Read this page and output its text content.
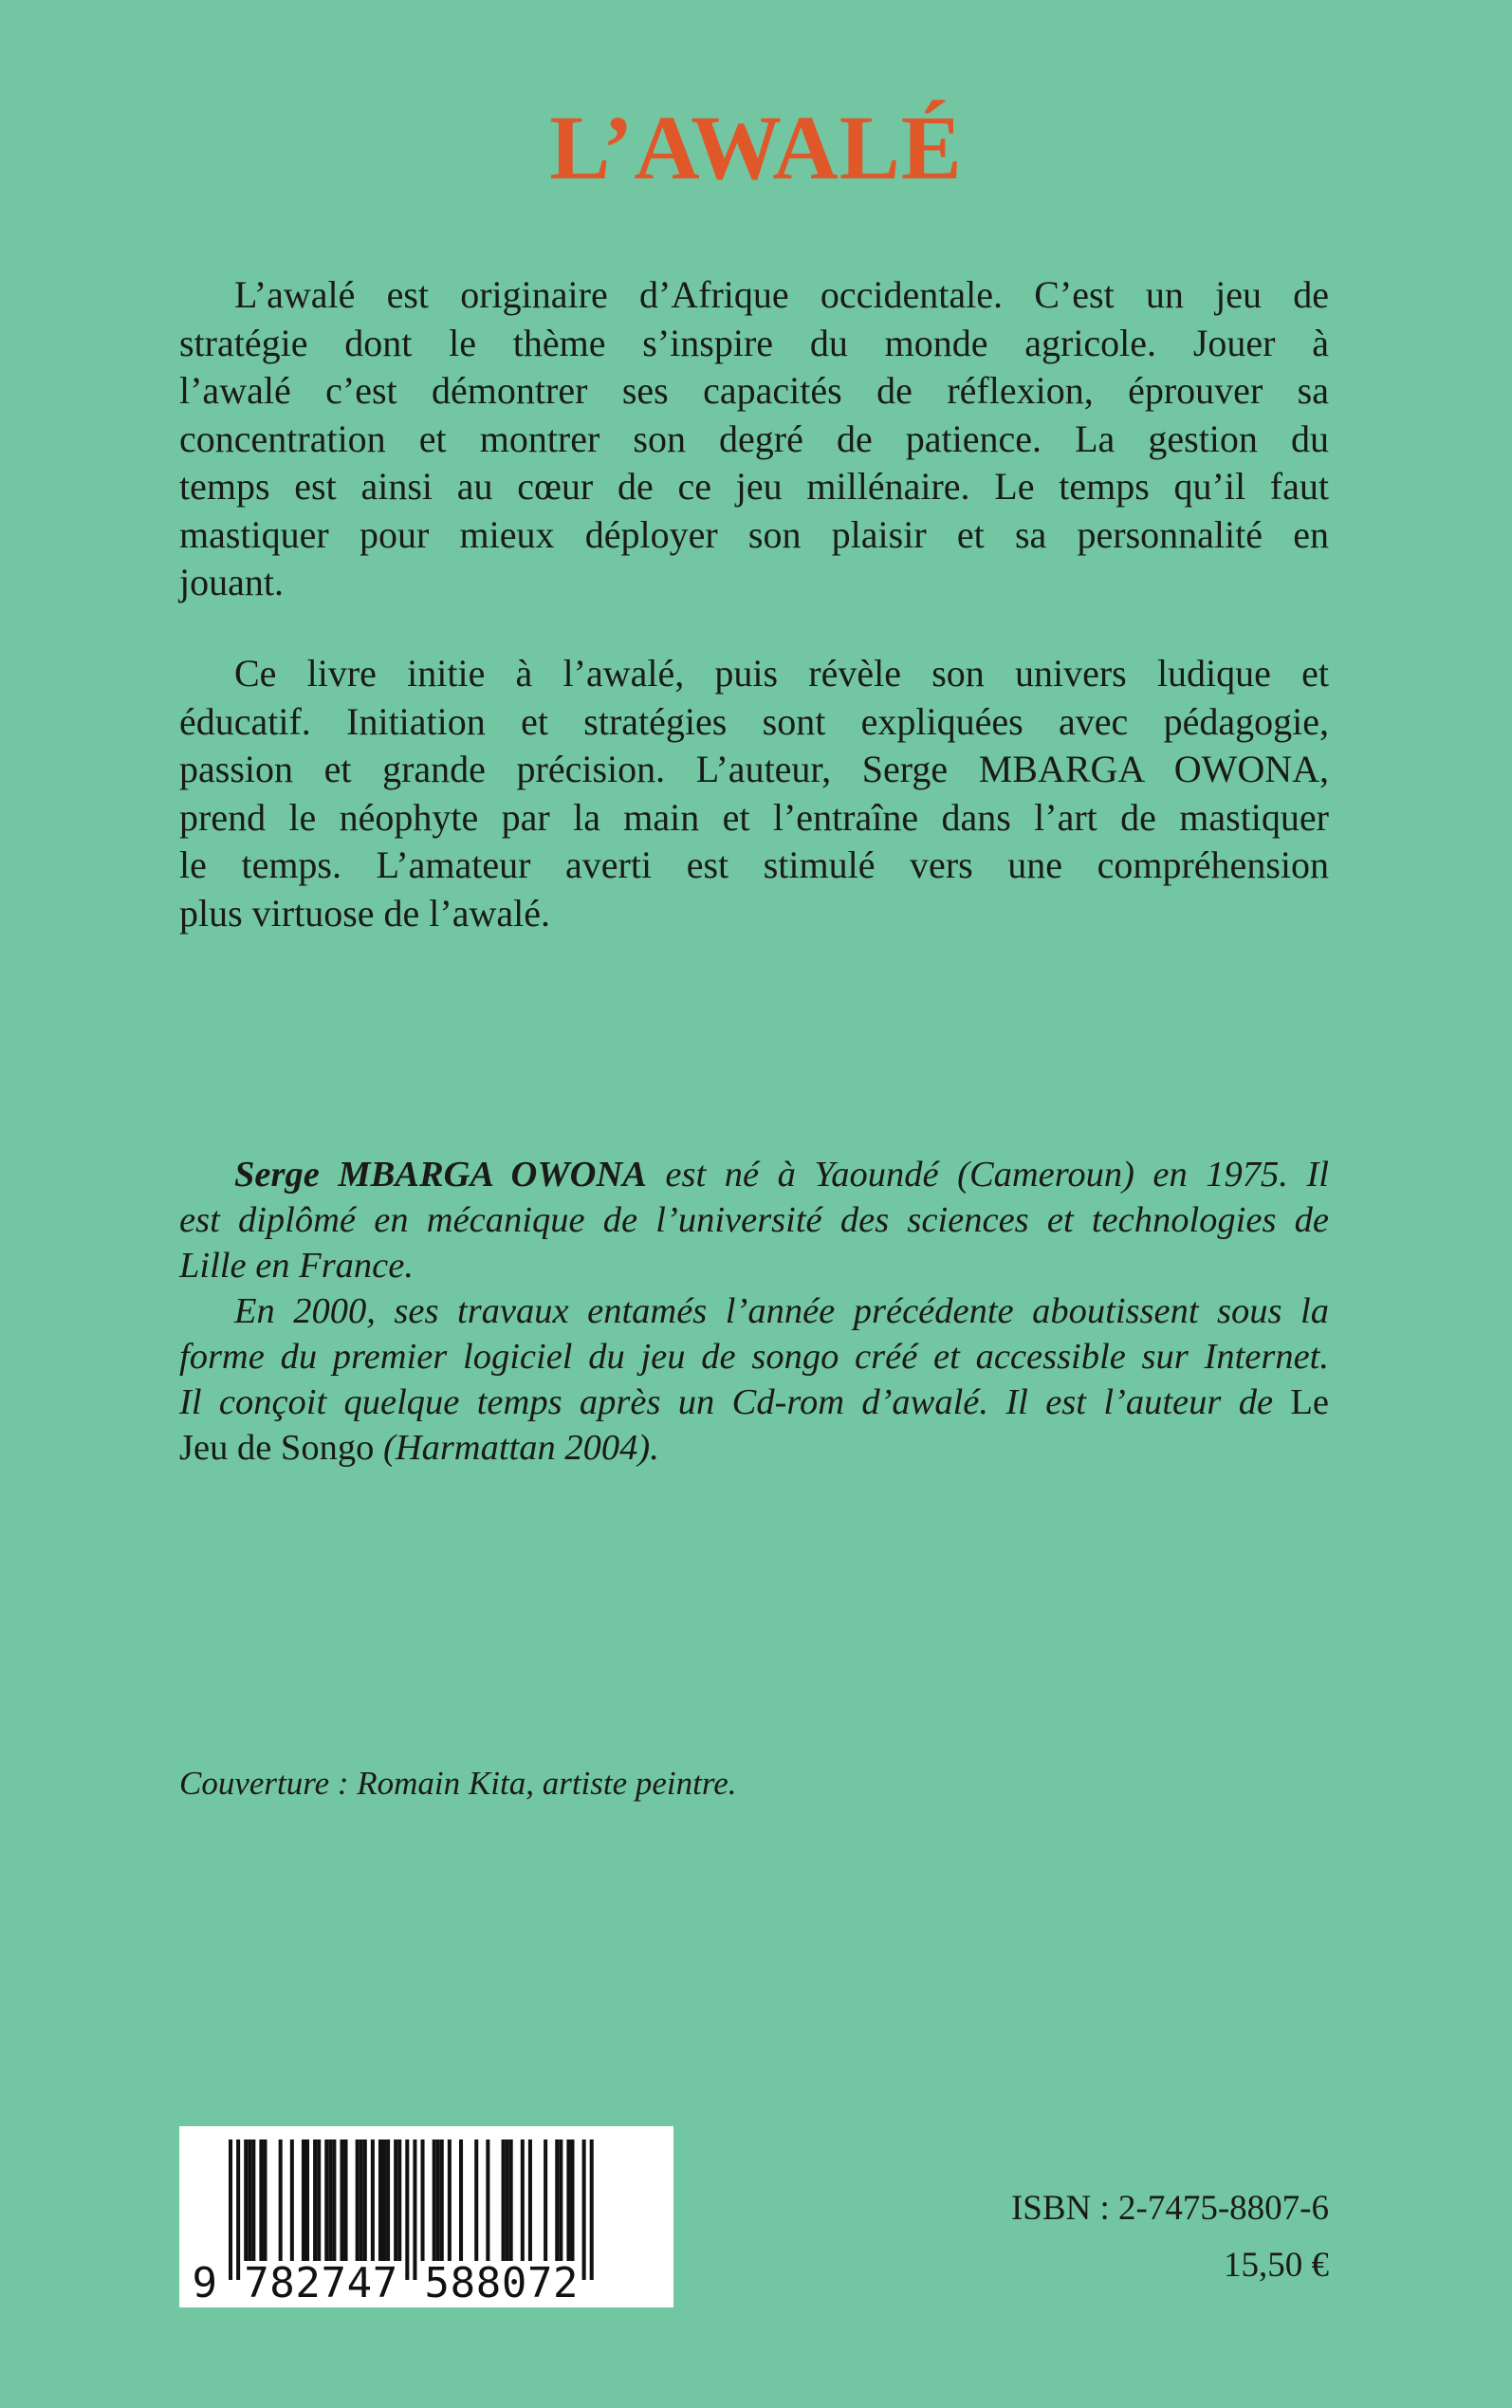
L’AWALÉ
L’awalé est originaire d’Afrique occidentale. C’est un jeu de
stratégie dont le thème s’inspire du monde agricole. Jouer à
l’awalé c’est démontrer ses capacités de réflexion, éprouver sa
concentration et montrer son degré de patience. La gestion du
temps est ainsi au cœur de ce jeu millénaire. Le temps qu’il faut
mastiquer pour mieux déployer son plaisir et sa personnalité en
jouant.
Ce livre initie à l’awalé, puis révèle son univers ludique et
éducatif. Initiation et stratégies sont expliquées avec pédagogie,
passion et grande précision. L’auteur, Serge MBARGA OWONA,
prend le néophyte par la main et l’entraîne dans l’art de mastiquer
le temps. L’amateur averti est stimulé vers une compréhension
plus virtuose de l’awalé.
Serge MBARGA OWONA est né à Yaoundé (Cameroun) en 1975. Il
est diplômé en mécanique de l’université des sciences et technologies de
Lille en France.
En 2000, ses travaux entamés l’année précédente aboutissent sous la
forme du premier logiciel du jeu de songo créé et accessible sur Internet.
Il conçoit quelque temps après un Cd-rom d’awalé. Il est l’auteur de Le
Jeu de Songo (Harmattan 2004).
Couverture : Romain Kita, artiste peintre.
9 782747 588072
ISBN : 2-7475-8807-6
15,50 €
